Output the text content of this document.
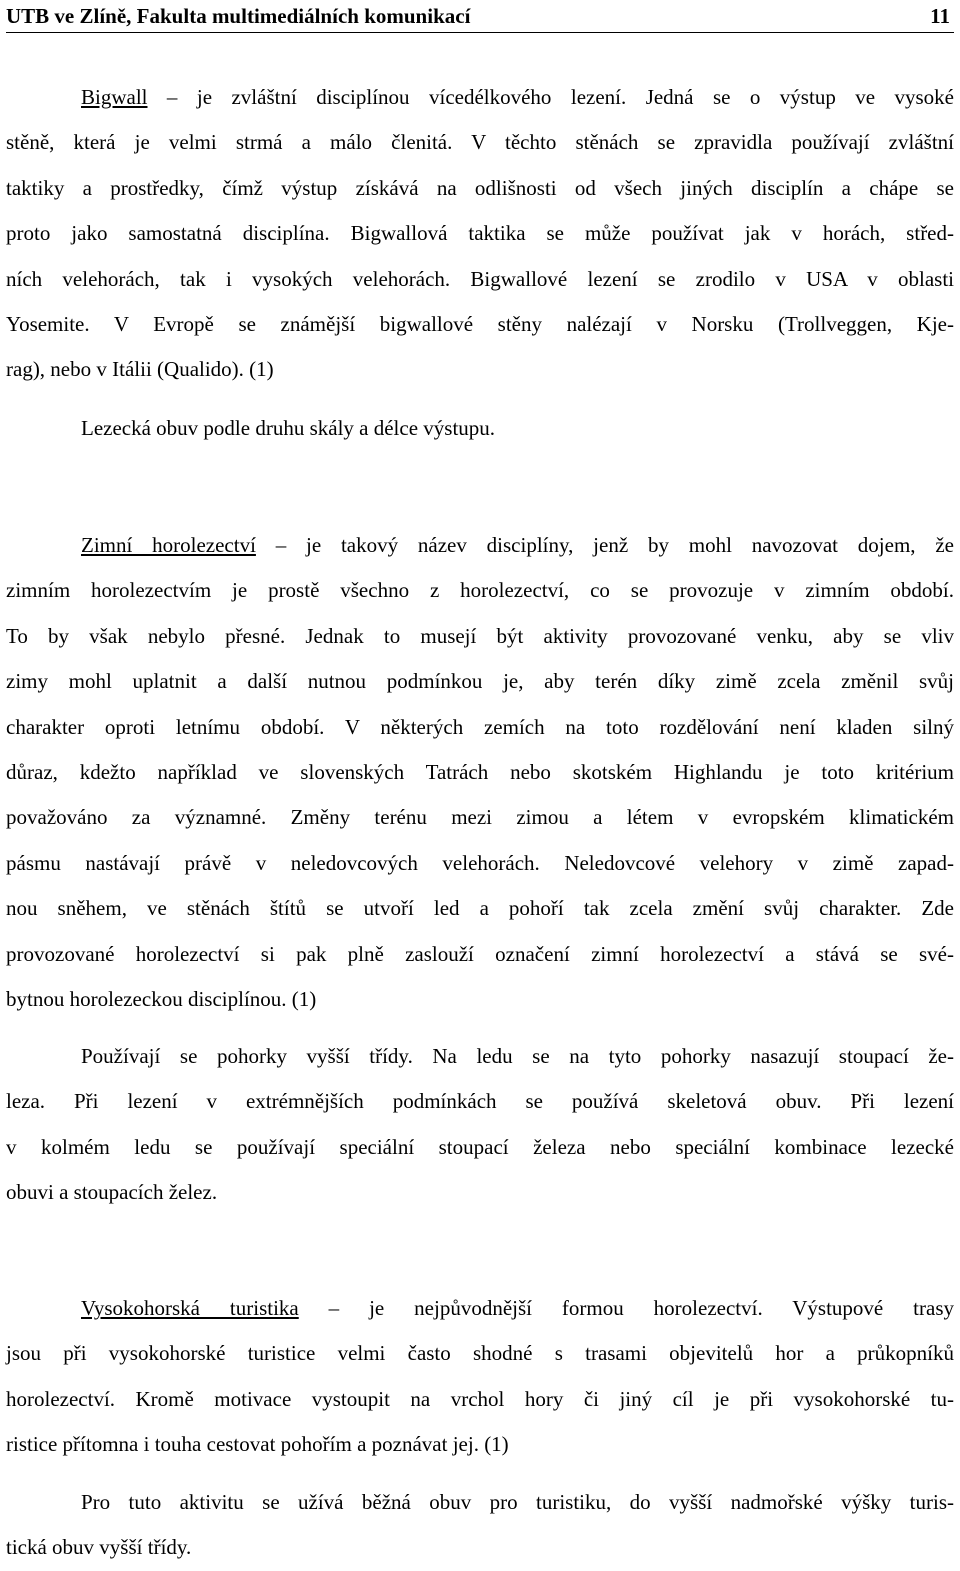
UTB ve Zlíně, Fakulta multimediálních komunikací	11
Bigwall – je zvláštní disciplínou vícedélkového lezení. Jedná se o výstup ve vysoké
stěně, která je velmi strmá a málo členitá. V těchto stěnách se zpravidla používají zvláštní
taktiky a prostředky, čímž výstup získává na odlišnosti od všech jiných disciplín a chápe se
proto jako samostatná disciplína. Bigwallová taktika se může používat jak v horách, střed-
ních velehorách, tak i vysokých velehorách. Bigwallové lezení se zrodilo v USA v oblasti
Yosemite. V Evropě se známější bigwallové stěny nalézají v Norsku (Trollveggen, Kje-
rag), nebo v Itálii (Qualido). (1)
Lezecká obuv podle druhu skály a délce výstupu.
Zimní horolezectví – je takový název disciplíny, jenž by mohl navozovat dojem, že
zimním horolezectvím je prostě všechno z horolezectví, co se provozuje v zimním období.
To by však nebylo přesné. Jednak to musejí být aktivity provozované venku, aby se vliv
zimy mohl uplatnit a další nutnou podmínkou je, aby terén díky zimě zcela změnil svůj
charakter oproti letnímu období. V některých zemích na toto rozdělování není kladen silný
důraz, kdežto například ve slovenských Tatrách nebo skotském Highlandu je toto kritérium
považováno za významné. Změny terénu mezi zimou a létem v evropském klimatickém
pásmu nastávají právě v neledovcových velehorách. Neledovcové velehory v zimě zapad-
nou sněhem, ve stěnách štítů se utvoří led a pohoří tak zcela změní svůj charakter. Zde
provozované horolezectví si pak plně zaslouží označení zimní horolezectví a stává se své-
bytnou horolezeckou disciplínou. (1)
Používají se pohorky vyšší třídy. Na ledu se na tyto pohorky nasazují stoupací že-
leza. Při lezení v extrémnějších podmínkách se používá skeletová obuv. Při lezení
v kolmém ledu se používají speciální stoupací železa nebo speciální kombinace lezecké
obuvi a stoupacích želez.
Vysokohorská turistika – je nejpůvodnější formou horolezectví. Výstupové trasy
jsou při vysokohorské turistice velmi často shodné s trasami objevitelů hor a průkopníků
horolezectví. Kromě motivace vystoupit na vrchol hory či jiný cíl je při vysokohorské tu-
ristice přítomna i touha cestovat pohořím a poznávat jej. (1)
Pro tuto aktivitu se užívá běžná obuv pro turistiku, do vyšší nadmořské výšky turis-
tická obuv vyšší třídy.
